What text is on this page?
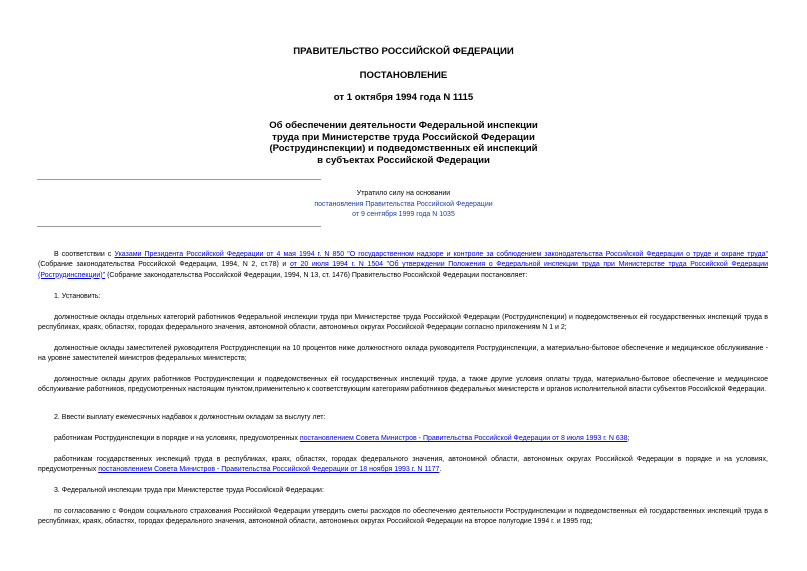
ПРАВИТЕЛЬСТВО РОССИЙСКОЙ ФЕДЕРАЦИИ
ПОСТАНОВЛЕНИЕ
от 1 октября 1994 года N 1115
Об обеспечении деятельности Федеральной инспекции
труда при Министерстве труда Российской Федерации
(Рострудинспекции) и подведомственных ей инспекций
в субъектах Российской Федерации
Утратило силу на основании
постановления Правительства Российской Федерации
от 9 сентября 1999 года N 1035

В соответствии с Указами Президента Российской Федерации от 4 мая 1994 г. N 850 "О государственном надзоре и контроле за соблюдением законодательства Российской Федерации о труде и охране труда" (Собрание законодательства Российской Федерации, 1994, N 2, ст.78) и от 20 июля 1994 г. N 1504 "Об утверждении Положения о Федеральной инспекции труда при Министерстве труда Российской Федерации (Рострудинспекции)" (Собрание законодательства Российской Федерации, 1994, N 13, ст. 1476) Правительство Российской Федерации постановляет:

1. Установить:

должностные оклады отдельных категорий работников Федеральной инспекции труда при Министерстве труда Российской Федерации (Рострудинспекции) и подведомственных ей государственных инспекций труда в республиках, краях, областях, городах федерального значения, автономной области, автономных округах Российской Федерации согласно приложениям N 1 и 2;

должностные оклады заместителей руководителя Рострудинспекции на 10 процентов ниже должностного оклада руководителя Рострудинспекции, а материально-бытовое обеспечение и медицинское обслуживание - на уровне заместителей министров федеральных министерств;

должностные оклады других работников Рострудинспекции и подведомственных ей государственных инспекций труда, а также другие условия оплаты труда, материально-бытовое обеспечение и медицинское обслуживание работников, предусмотренных настоящим пунктом,применительно к соответствующим категориям работников федеральных министерств и органов исполнительной власти субъектов Российской Федерации.

2. Ввести выплату ежемесячных надбавок к должностным окладам за выслугу лет:

работникам Рострудинспекции в порядке и на условиях, предусмотренных постановлением Совета Министров - Правительства Российской Федерации от 8 июля 1993 г. N 638;

работникам государственных инспекций труда в республиках, краях, областях, городах федерального значения, автономной области, автономных округах Российской Федерации в порядке и на условиях, предусмотренных постановлением Совета Министров - Правительства Российской Федерации от 18 ноября 1993 г. N 1177.

3. Федеральной инспекции труда при Министерстве труда Российской Федерации:

по согласованию с Фондом социального страхования Российской Федерации утвердить сметы расходов по обеспечению деятельности Рострудинспекции и подведомственных ей государственных инспекций труда в республиках, краях, областях, городах федерального значения, автономной области, автономных округах Российской Федерации на второе полугодие 1994 г. и 1995 год;
